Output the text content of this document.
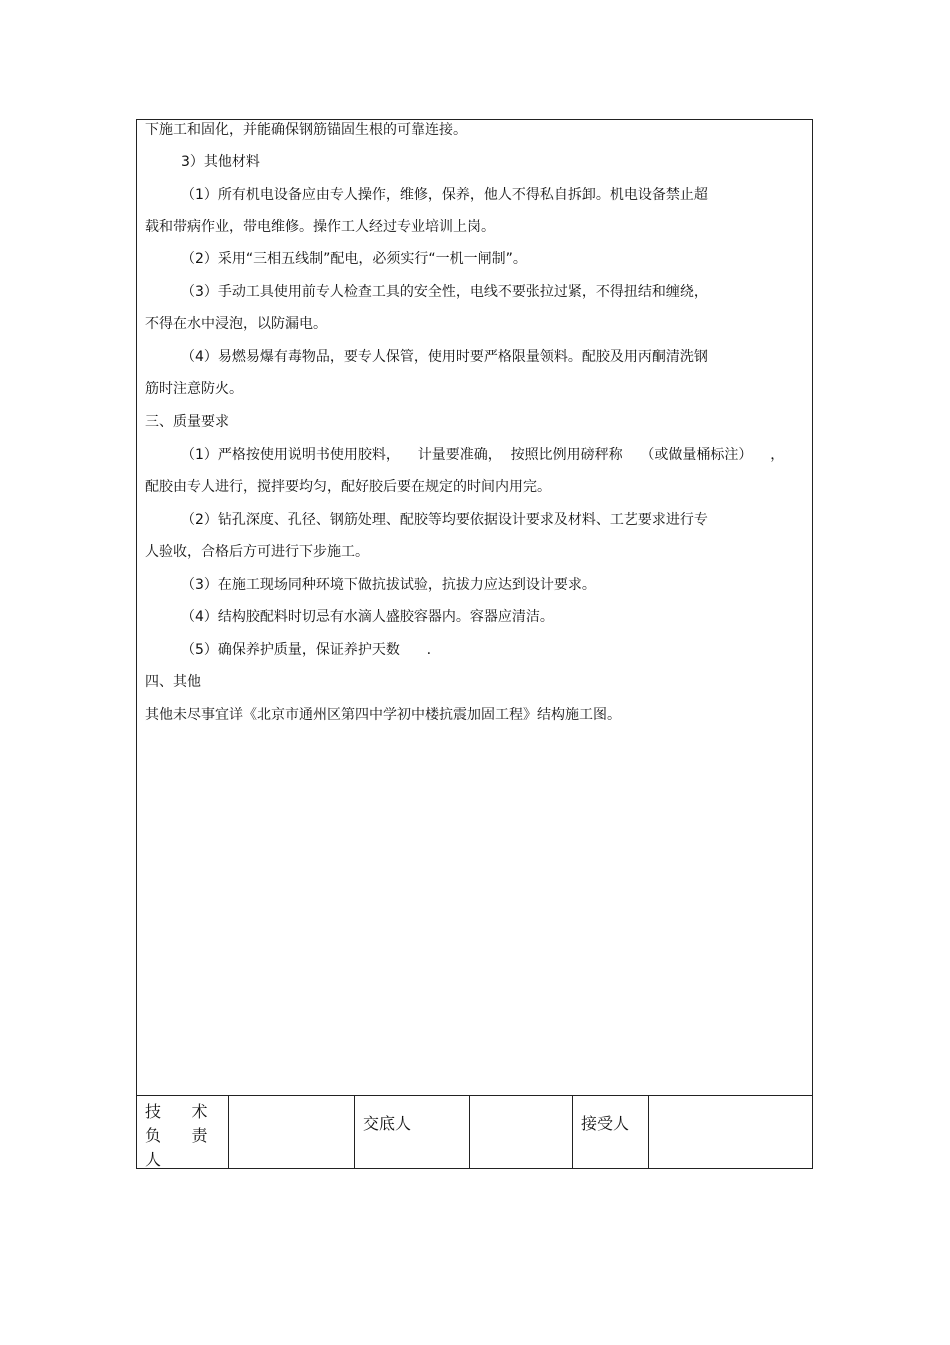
下施工和固化，并能确保钢筋锚固生根的可靠连接。
3）其他材料
（1）所有机电设备应由专人操作，维修，保养，他人不得私自拆卸。机电设备禁止超
载和带病作业，带电维修。操作工人经过专业培训上岗。
（2）采用“三相五线制”配电，必须实行“一机一闸制”。
（3）手动工具使用前专人检查工具的安全性，电线不要张拉过紧，不得扭结和缠绕，
不得在水中浸泡，以防漏电。
（4）易燃易爆有毒物品，要专人保管，使用时要严格限量领料。配胶及用丙酮清洗钢
筋时注意防火。
三、质量要求
（1）严格按使用说明书使用胶料，    计量要准确，  按照比例用磅秤称    （或做量桶标注）    ，
配胶由专人进行，搅拌要均匀，配好胶后要在规定的时间内用完。
（2）钻孔深度、孔径、钢筋处理、配胶等均要依据设计要求及材料、工艺要求进行专
人验收，合格后方可进行下步施工。
（3）在施工现场同种环境下做抗拔试验，抗拔力应达到设计要求。
（4）结构胶配料时切忌有水滴人盛胶容器内。容器应清洁。
（5）确保养护质量，保证养护天数      .
四、其他
其他未尽事宜详《北京市通州区第四中学初中楼抗震加固工程》结构施工图。
技      术
负      责
人
交底人	接受人
